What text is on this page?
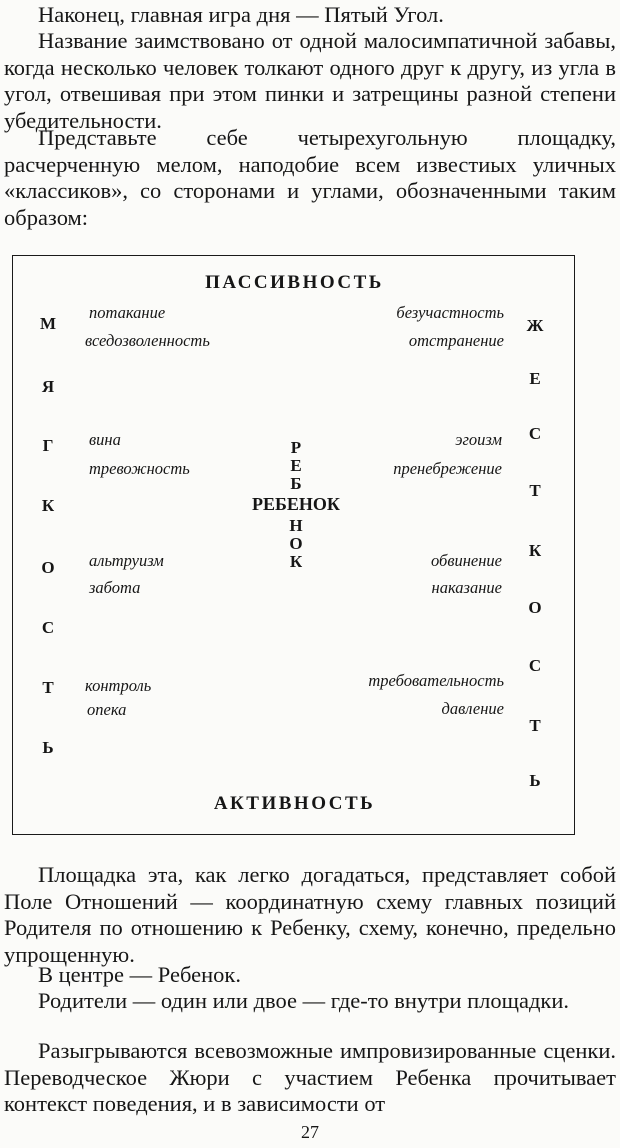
Наконец, главная игра дня — Пятый Угол.

Название заимствовано от одной малосимпатичной забавы, когда несколько человек толкают одного друг к другу, из угла в угол, отвешивая при этом пинки и затрещины разной степени убедительности.

Представьте себе четырехугольную площадку, расчерченную мелом, наподобие всем известиых уличных «классиков», со сторонами и углами, обозначенными таким образом:

ПАССИВНОСТЬ
АКТИВНОСТЬ
М
Я
Г
К
О
С
Т
Ь
Ж
Е
С
Т
К
О
С
Т
Ь
Р
Е
Б
Н
О
К
РЕБЕНОК
потакание
вседозволенность
безучастность
отстранение
вина
тревожность
эгоизм
пренебрежение
альтруизм
забота
обвинение
наказание
контроль
опека
требовательность
давление

Площадка эта, как легко догадаться, представляет собой Поле Отношений — координатную схему главных позиций Родителя по отношению к Ребенку, схему, конечно, предельно упрощенную.

В центре — Ребенок.

Родители — один или двое — где-то внутри площадки.

Разыгрываются всевозможные импровизированные сценки. Переводческое Жюри с участием Ребенка прочитывает контекст поведения, и в зависимости от

27
